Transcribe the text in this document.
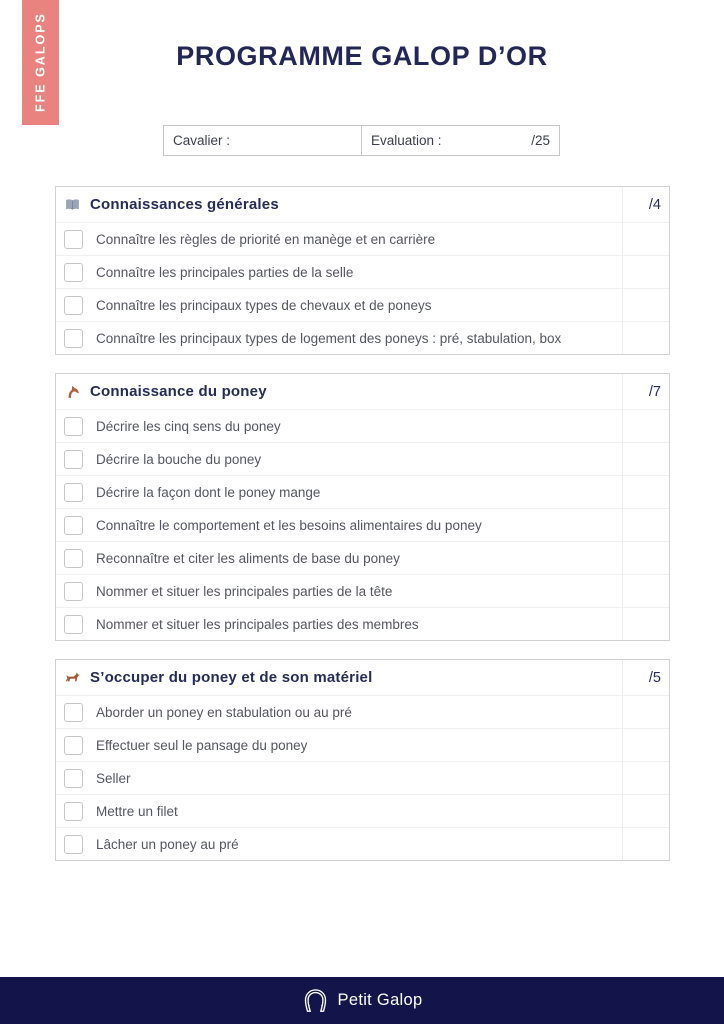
FFE GALOPS	PROGRAMME GALOP D’OR
Cavalier :	Evaluation :	/25
Connaissances générales	/4
Connaître les règles de priorité en manège et en carrière
Connaître les principales parties de la selle
Connaître les principaux types de chevaux et de poneys
Connaître les principaux types de logement des poneys : pré, stabulation, box
Connaissance du poney	/7
Décrire les cinq sens du poney
Décrire la bouche du poney
Décrire la façon dont le poney mange
Connaître le comportement et les besoins alimentaires du poney
Reconnaître et citer les aliments de base du poney
Nommer et situer les principales parties de la tête
Nommer et situer les principales parties des membres
S’occuper du poney et de son matériel	/5
Aborder un poney en stabulation ou au pré
Effectuer seul le pansage du poney
Seller
Mettre un filet
Lâcher un poney au pré
Petit Galop
